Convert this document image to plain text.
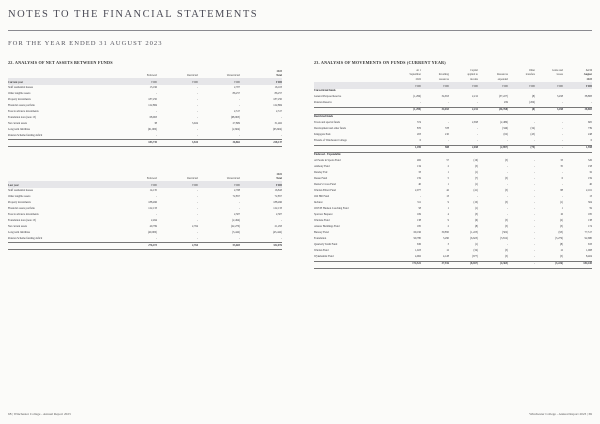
NOTES TO THE FINANCIAL STATEMENTS
FOR THE YEAR ENDED 31 AUGUST 2023
22. ANALYSIS OF NET ASSETS BETWEEN FUNDS
				2023
	Endowed	Restricted	Unrestricted	Total
Current year	£'000	£'000	£'000	£'000
Staff residential houses	13,196	-	2,707	16,103
Other tangible assets	-	-	86,257	86,257
Property investments	187,250	-	-	187,250
Financial assets portfolio	122,884	-	-	122,884
Fees in advance investments	-	-	2,317	2,317
Foundation loan (note 15)	68,963	-	(68,963)	-
Net current assets	38	3,924	27,809	31,462
Long term liabilities	(61,000)	-	(2,604)	(63,604)
Pension Scheme funding deficit	-	-	-	-
	183,735	3,924	36,862	228,137
				2022
	Endowed	Restricted	Unrestricted	Total
Last year	£'000	£'000	£'000	£'000
Staff residential houses	14,135	-	2,708	16,843
Other tangible assets	-	-	72,857	72,857
Property investments	188,496	-	-	188,496
Financial assets portfolio	122,133	-	-	122,133
Fees in advance investments	-	-	2,307	2,307
Foundation loan (note 15)	2,494	-	(2,494)	-
Net current assets	40,799	2,764	(22,270)	21,293
Long term liabilities	(40,000)	-	(3,442)	(43,442)
Pension Scheme funding deficit	-	-	-	-
	276,473	2,764	53,603	332,076
23. ANALYSIS OF MOVEMENTS ON FUNDS (CURRENT YEAR)
	At 1		Capital		Other	Gains and	At 31
	September	Incoming	applied to	Resources	transfers	losses	August
	2022	resources	income	expended			2023
	£'000	£'000	£'000	£'000	£'000	£'000	£'000
Unrestricted funds							
General Purpose Reserve	(1,299)	34,653	2,212	(37,227)	(8)	3,458	38,883
Pension Reserve	-	-	-	459	(459)	-	-
	(1,299)	34,653	2,212	(36,768)	(8)	3,458	38,883
Restricted funds							
Trusts and special funds	374	-	2,658	(2,489)	-	-	605
Development and other funds	876	378	-	(346)	(34)	-	739
Kingsgate Park	203	210	-	(62)	(45)	-	248
Friends of Winchester College	6	-	-	-	-	-	6
	1,459	588	2,658	(2,897)	(79)	-	1,598
Endowed - Expendable							
All Souls in Sports Fund	482	57	(16)	(5)	-	33	526
Anthony Fund	134	2	(5)	-	-	35	158
Dandoy Fair	33	1	(1)	-	-	-	32
Deane Fund	159	5	(7)	(5)	-	6	159
Dexter's Cross Fund	40	1	(1)	-	-	-	40
Warden Elliott Fund	2,077	42	(41)	(5)	-	88	2,161
Old Hill Fund	-	13	-	-	-	-	13
Inchiest	311	9	(10)	(5)	-	(1)	304
OWCH Hudson Coaching Fund	58	1	(1)	-	-	1	59
Sparrow Bequest	169	4	(3)	-	-	16	185
Wardens Fund	138	9	(6)	(5)	-	(2)	138
Alaaaw Buildings Fund	185	2	(8)	(5)	-	(3)	174
Bursary Fund	69,196	30,850	(1,223)	(502)	-	(93)	77,517
Foundation	99,780	3,290	(6,623)	(3,812)	-	(3,279)	92,680
Quarterly Tenth Fund	636	3	(1)	-	-	(8)	633
Warden Fund	1,023	12	(34)	(5)	-	12	1,008
Wykehamist Fund	4,962	4,128	(677)	(5)	-	(5)	8,404
	174,522	37,916	(8,657)	(4,365)	-	(3,226)	184,445
68 | Winchester College - Annual Report 2023	Winchester College - Annual Report 2023 | 69
